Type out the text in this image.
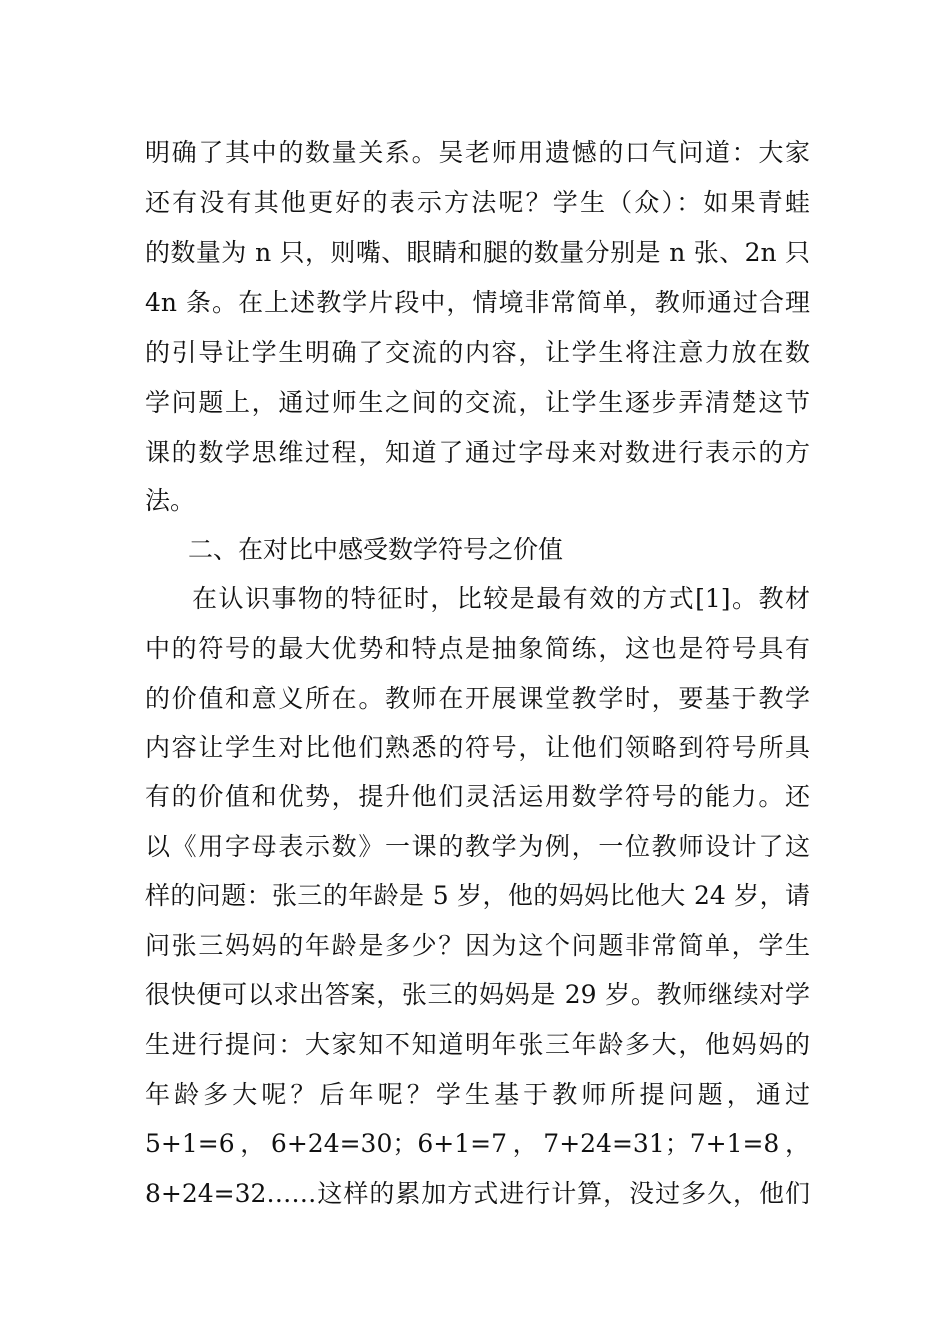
明确了其中的数量关系。吴老师用遗憾的口气问道：大家
还有没有其他更好的表示方法呢？学生（众）：如果青蛙
的数量为 n 只，则嘴、眼睛和腿的数量分别是 n 张、2n 只
4n 条。在上述教学片段中，情境非常简单，教师通过合理
的引导让学生明确了交流的内容，让学生将注意力放在数
学问题上，通过师生之间的交流，让学生逐步弄清楚这节
课的数学思维过程，知道了通过字母来对数进行表示的方
法。
二、在对比中感受数学符号之价值
在认识事物的特征时，比较是最有效的方式[1]。教材
中的符号的最大优势和特点是抽象简练，这也是符号具有
的价值和意义所在。教师在开展课堂教学时，要基于教学
内容让学生对比他们熟悉的符号，让他们领略到符号所具
有的价值和优势，提升他们灵活运用数学符号的能力。还
以《用字母表示数》一课的教学为例，一位教师设计了这
样的问题：张三的年龄是 5 岁，他的妈妈比他大 24 岁，请
问张三妈妈的年龄是多少？因为这个问题非常简单，学生
很快便可以求出答案，张三的妈妈是 29 岁。教师继续对学
生进行提问：大家知不知道明年张三年龄多大，他妈妈的
年龄多大呢？后年呢？学生基于教师所提问题，通过
5+1=6，6+24=30；6+1=7，7+24=31；7+1=8，
8+24=32……这样的累加方式进行计算，没过多久，他们
